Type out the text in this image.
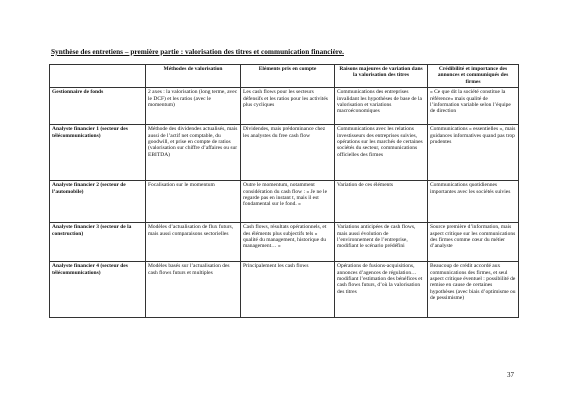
Synthèse des entretiens – première partie : valorisation des titres et communication financière.
	Méthodes de valorisation	Eléments pris en compte	Raisons majeures de variation dans la valorisation des titres	Crédibilité et importance des annonces et communiqués des firmes
Gestionnaire de fonds	2 axes : la valorisation (long terme, avec le DCF) et les ratios (avec le momentum)	Les cash flows pour les secteurs défensifs et les ratios pour les activités plus cycliques	Communications des entreprises invalidant les hypothèses de base de la valorisation et variations macroéconomiques	« Ce que dit la société constitue la référence» mais qualité de l’information variable selon l’équipe de direction
Analyste financier 1 (secteur des télécommunications)	Méthode des dividendes actualisés, mais aussi de l’actif net comptable, du goodwill, et prise en compte de ratios (valorisation sur chiffre d’affaires ou sur EBITDA)	Dividendes, mais prédominance chez les analystes du free cash flow	Communications avec les relations investisseurs des entreprises suivies, opérations sur les marchés de certaines sociétés du secteur, communications officielles des firmes	Communications « essentielles », mais guidances informatives quand pas trop prudentes
Analyste financier 2 (secteur de l’automobile)	Focalisation sur le momentum	Outre le momentum, notamment considération du cash flow : « Je ne le regarde pas en instant t, mais il est fondamental sur le fond. »	Variation de ces éléments	Communications quotidiennes importantes avec les sociétés suivies
Analyste financier 3 (secteur de la construction)	Modèles d’actualisation de flux futurs, mais aussi comparaisons sectorielles	Cash flows, résultats opérationnels, et des éléments plus subjectifs tels « qualité du management, historique du management… »	Variations anticipées de cash flows, mais aussi évolution de l’environnement de l’entreprise, modifiant le scénario prédéfini	Source première d’information, mais aspect critique sur les communications des firmes comme cœur du métier d’analyste
Analyste financier 4 (secteur des télécommunications)	Modèles basés sur l’actualisation des cash flows futurs et multiples	Principalement les cash flows	Opérations de fusions-acquisitions, annonces d’agences de régulation… modifiant l’estimation des bénéfices et cash flows futurs, d’où la valorisation des titres	Beaucoup de crédit accordé aux communications des firmes, et seul aspect critique éventuel : possibilité de remise en cause de certaines hypothèses (avec biais d’optimisme ou de pessimisme)
37
